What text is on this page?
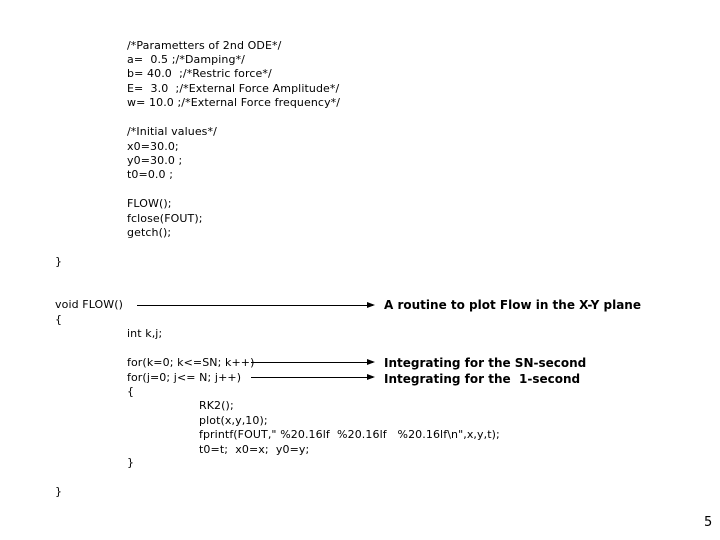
/*Parametters of 2nd ODE*/
a=  0.5 ;/*Damping*/
b= 40.0  ;/*Restric force*/
E=  3.0  ;/*External Force Amplitude*/
w= 10.0 ;/*External Force frequency*/
/*Initial values*/
x0=30.0;
y0=30.0 ;
t0=0.0 ;
FLOW();
fclose(FOUT);
getch();
}
void FLOW()
{
int k,j;
for(k=0; k<=SN; k++)
for(j=0; j<= N; j++)
{
RK2();
plot(x,y,10);
fprintf(FOUT," %20.16lf  %20.16lf   %20.16lf\n",x,y,t);
t0=t;  x0=x;  y0=y;
}
}
A routine to plot Flow in the X-Y plane
Integrating for the SN-second
Integrating for the  1-second
5
